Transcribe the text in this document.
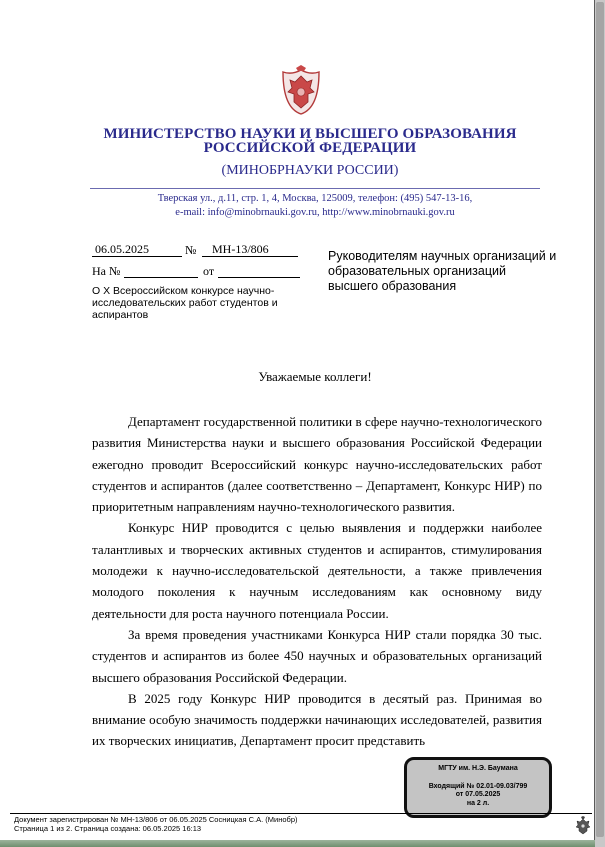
МИНИСТЕРСТВО НАУКИ И ВЫСШЕГО ОБРАЗОВАНИЯ
РОССИЙСКОЙ ФЕДЕРАЦИИ
(МИНОБРНАУКИ РОССИИ)
Тверская ул., д.11, стр. 1, 4, Москва, 125009, телефон: (495) 547-13-16,
e-mail: info@minobrnauki.gov.ru, http://www.minobrnauki.gov.ru
06.05.2025	№ МН-13/806
На №	от
О X Всероссийском конкурсе научно-исследовательских работ студентов и аспирантов
Руководителям научных организаций и образовательных организаций высшего образования
Уважаемые коллеги!

Департамент государственной политики в сфере научно-технологического развития Министерства науки и высшего образования Российской Федерации ежегодно проводит Всероссийский конкурс научно-исследовательских работ студентов и аспирантов (далее соответственно – Департамент, Конкурс НИР) по приоритетным направлениям научно-технологического развития.

Конкурс НИР проводится с целью выявления и поддержки наиболее талантливых и творческих активных студентов и аспирантов, стимулирования молодежи к научно-исследовательской деятельности, а также привлечения молодого поколения к научным исследованиям как основному виду деятельности для роста научного потенциала России.

За время проведения участниками Конкурса НИР стали порядка 30 тыс. студентов и аспирантов из более 450 научных и образовательных организаций высшего образования Российской Федерации.

В 2025 году Конкурс НИР проводится в десятый раз. Принимая во внимание особую значимость поддержки начинающих исследователей, развития их творческих инициатив, Департамент просит представить

МГТУ им. Н.Э. Баумана
Входящий № 02.01-09.03/799
от 07.05.2025
на 2 л.
Документ зарегистрирован № МН-13/806 от 06.05.2025 Сосницкая С.А. (Минобр)
Страница 1 из 2. Страница создана: 06.05.2025 16:13
